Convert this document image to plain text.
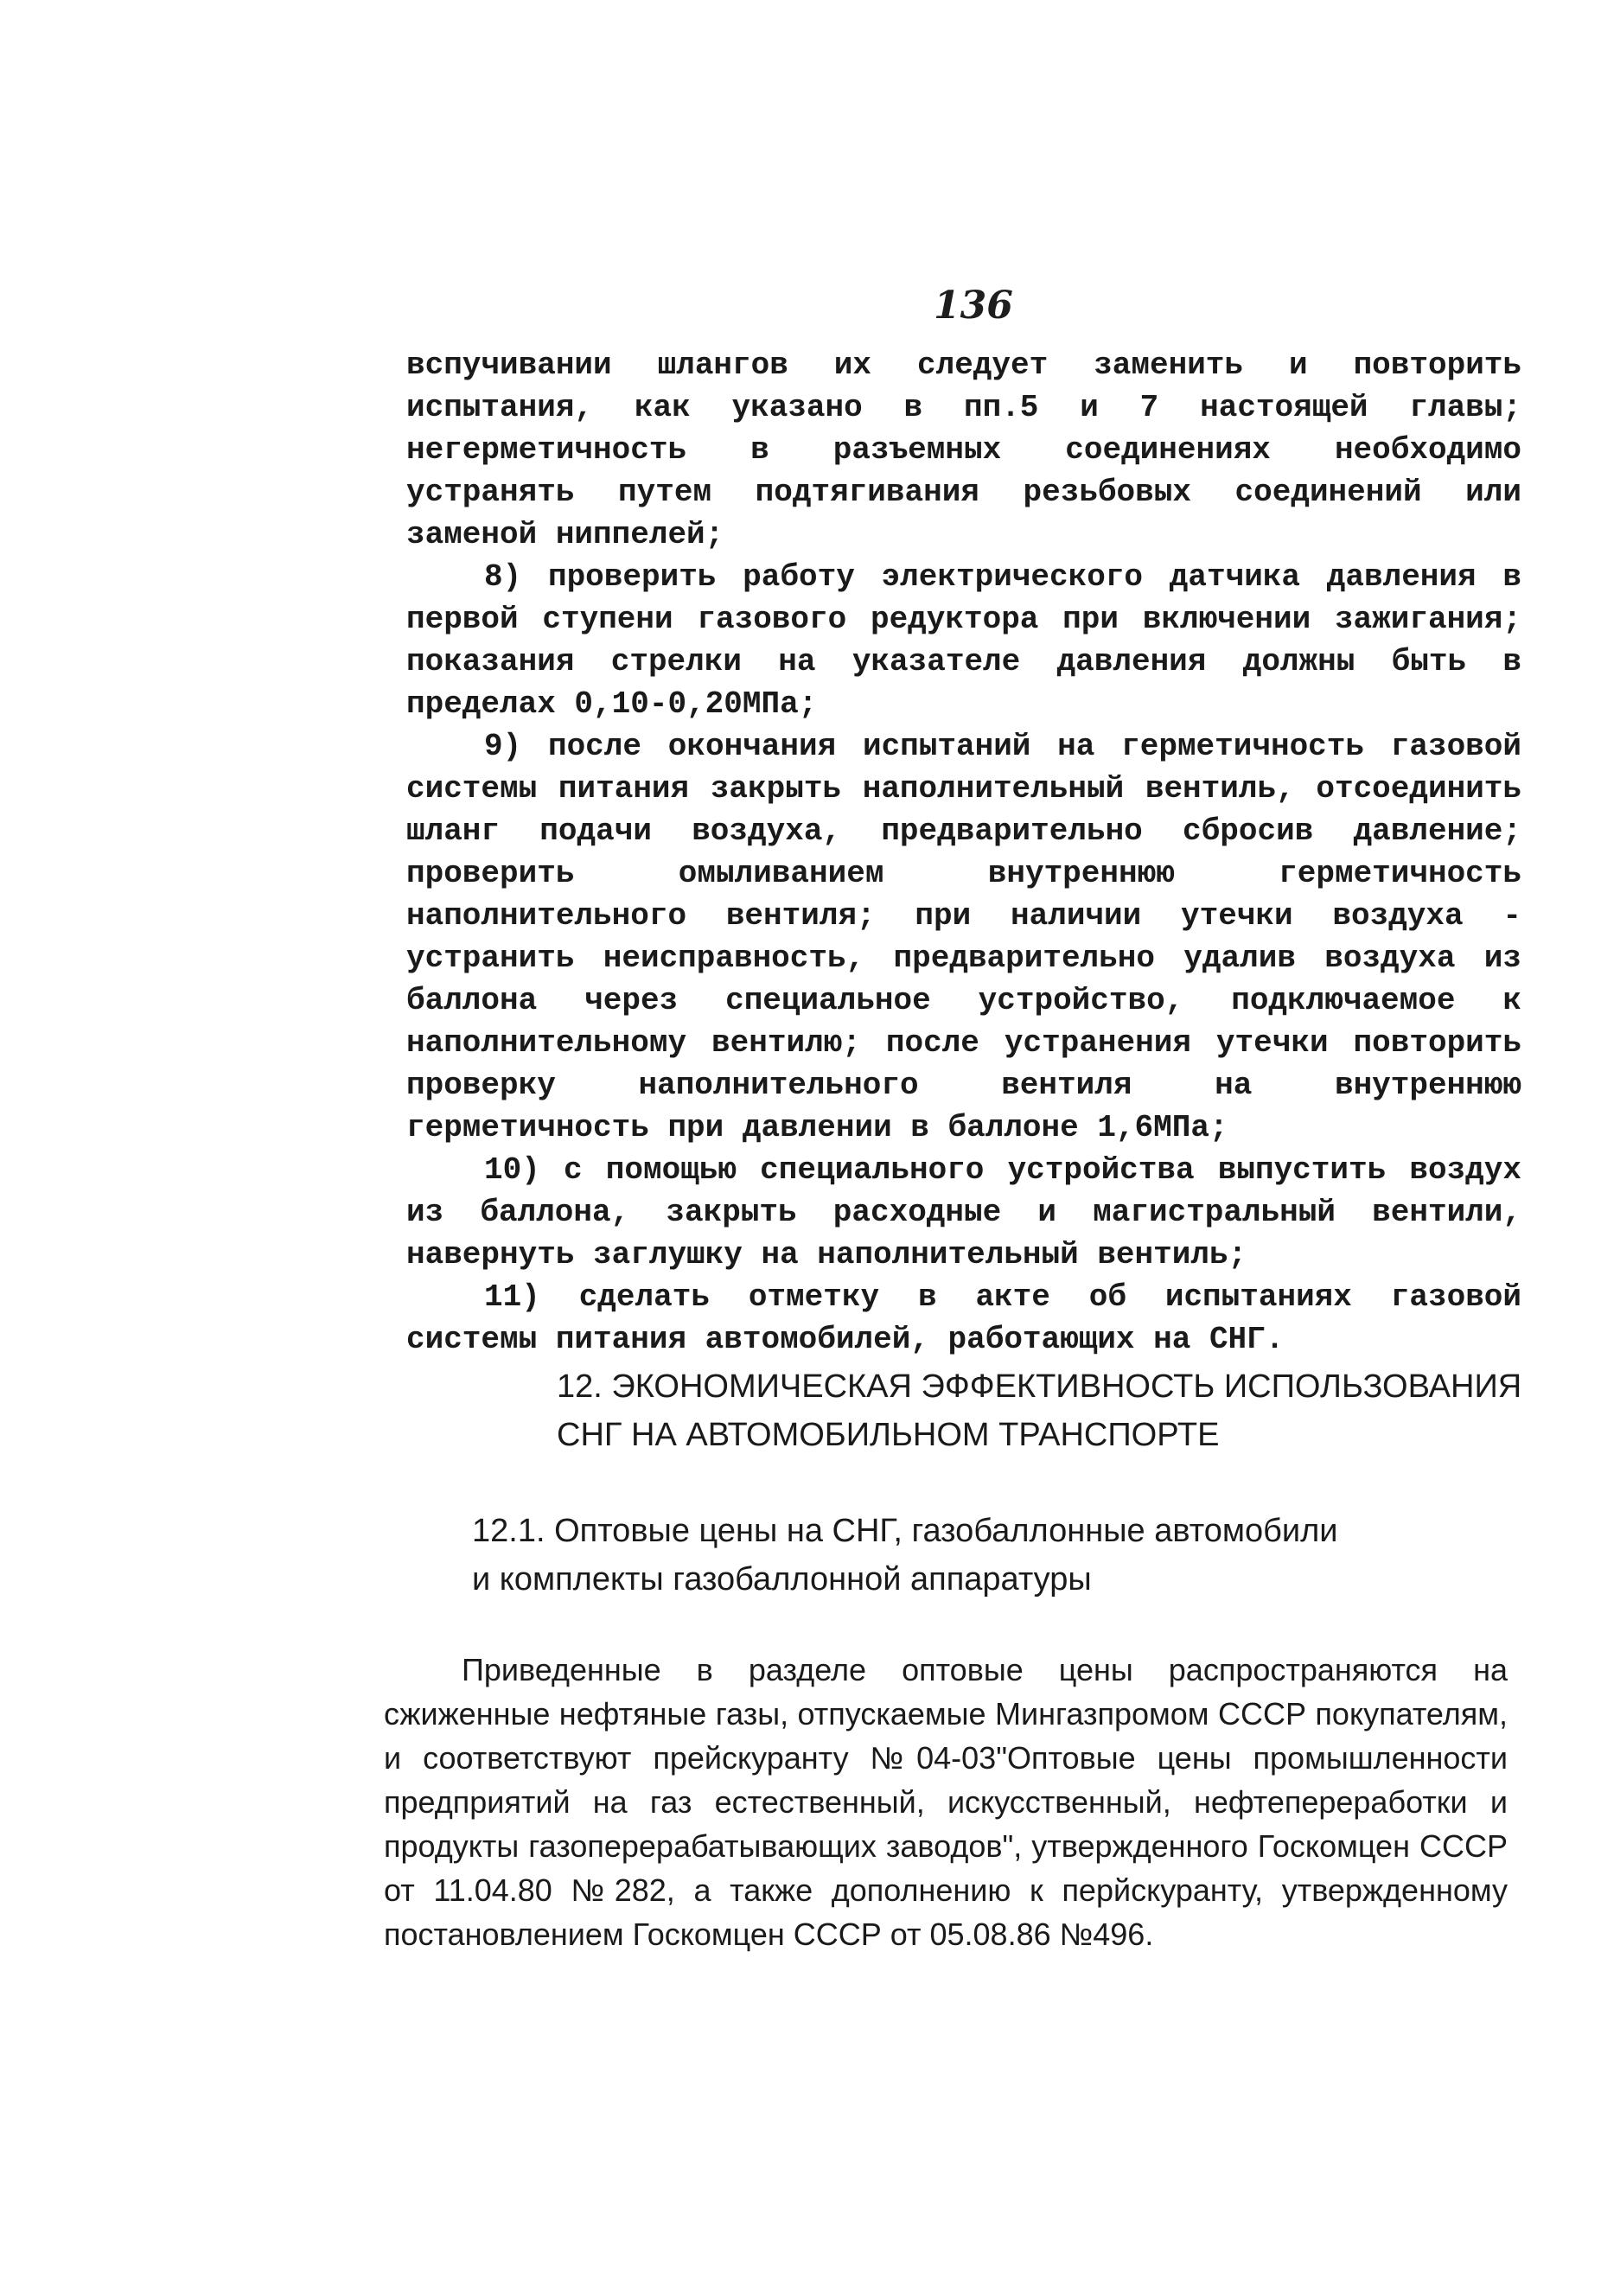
136

вспучивании шлангов их следует заменить и повторить испытания, как указано в пп.5 и 7 настоящей главы; негерметичность в разъемных соединениях необходимо устранять путем подтягивания резьбовых соединений или заменой ниппелей;

8) проверить работу электрического датчика давления в первой ступени газового редуктора при включении зажигания; показания стрелки на указателе давления должны быть в пределах 0,10-0,20МПа;

9) после окончания испытаний на герметичность газовой системы питания закрыть наполнительный вентиль, отсоединить шланг подачи воздуха, предварительно сбросив давление; проверить омыливанием внутреннюю герметичность наполнительного вентиля; при наличии утечки воздуха - устранить неисправность, предварительно удалив воздуха из баллона через специальное устройство, подключаемое к наполнительному вентилю; после устранения утечки повторить проверку наполнительного вентиля на внутреннюю герметичность при давлении в баллоне 1,6МПа;

10) с помощью специального устройства выпустить воздух из баллона, закрыть расходные и магистральный вентили, навернуть заглушку на наполнительный вентиль;

11) сделать отметку в акте об испытаниях газовой системы питания автомобилей, работающих на СНГ.

12. ЭКОНОМИЧЕСКАЯ ЭФФЕКТИВНОСТЬ ИСПОЛЬЗОВАНИЯ
СНГ НА АВТОМОБИЛЬНОМ ТРАНСПОРТЕ
12.1. Оптовые цены на СНГ, газобаллонные автомобили
и комплекты газобаллонной аппаратуры

Приведенные в разделе оптовые цены распространяются на сжиженные нефтяные газы, отпускаемые Мингазпромом СССР покупателям, и соответствуют прейскуранту №04-03"Оптовые цены промышленности предприятий на газ естественный, искусственный, нефтепереработки и продукты газоперерабатывающих заводов", утвержденного Госкомцен СССР от 11.04.80 №282, а также дополнению к перйскуранту, утвержденному постановлением Госкомцен СССР от 05.08.86 №496.
